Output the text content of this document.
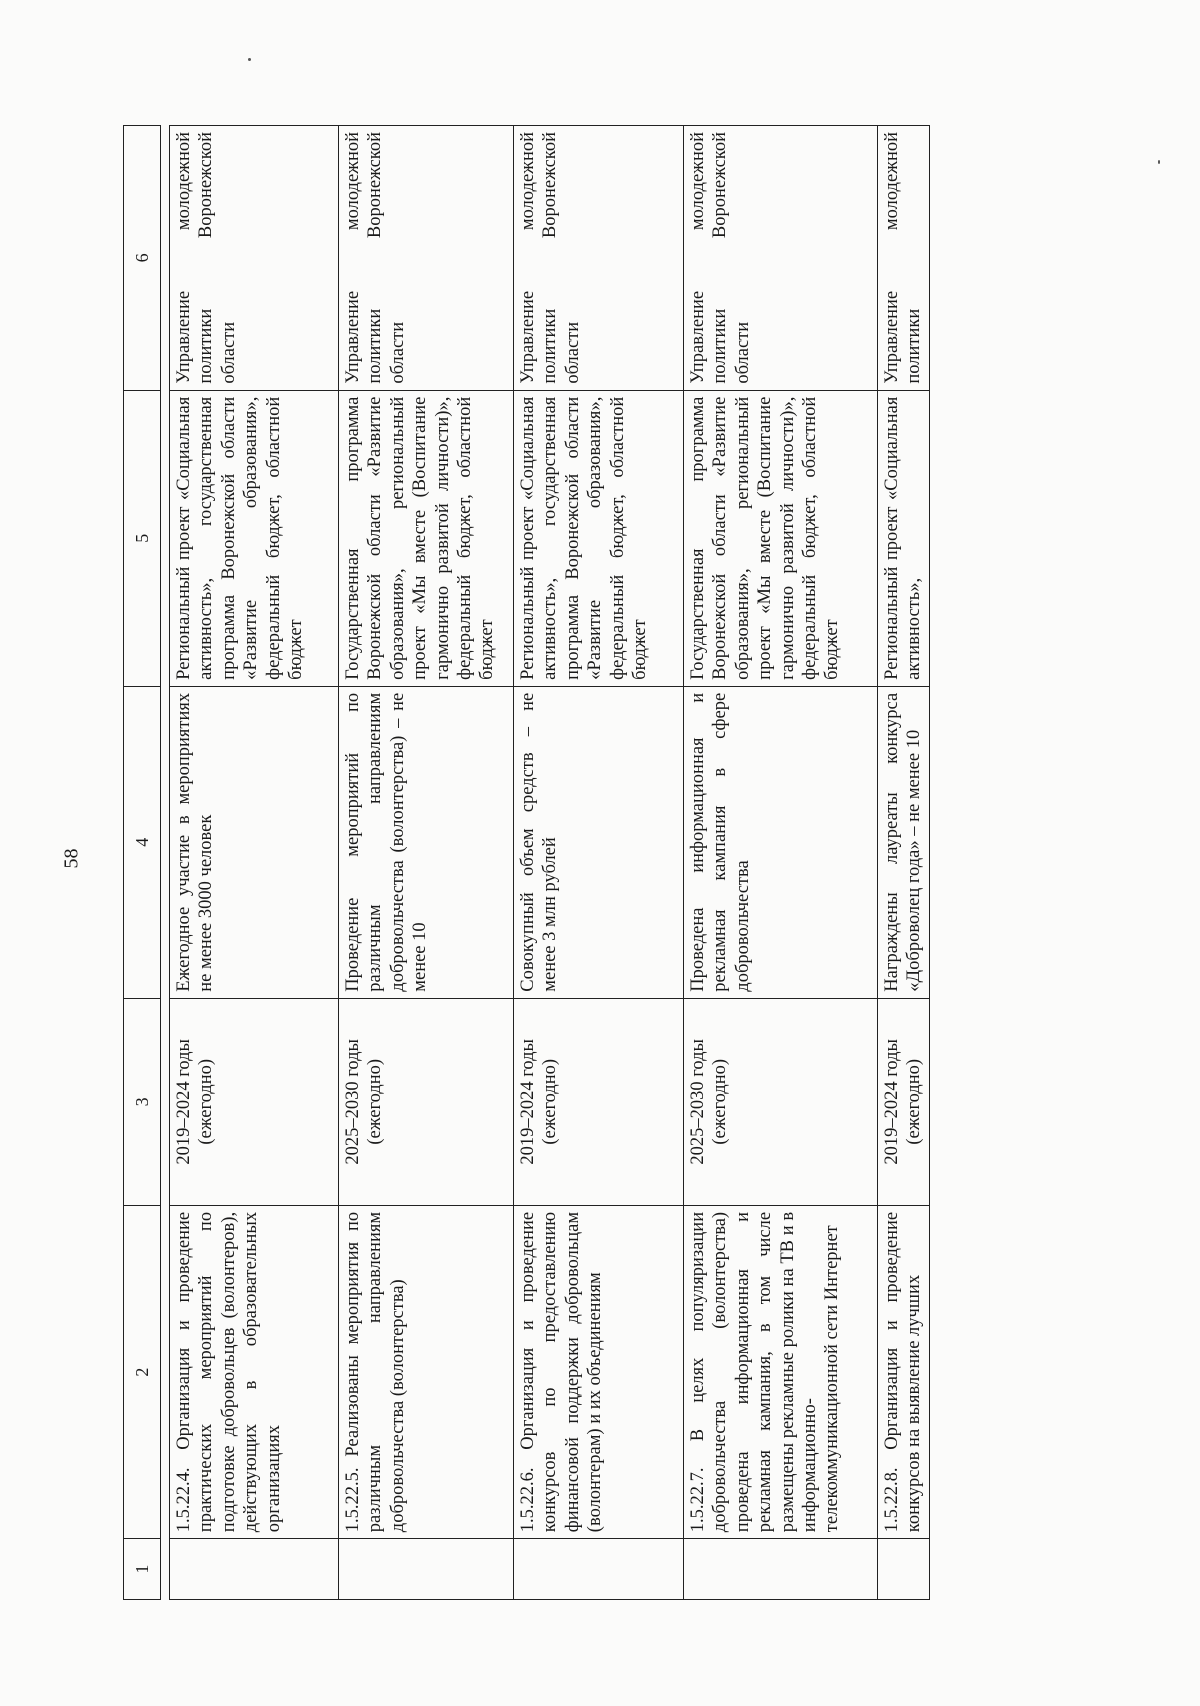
58
1	2	3	4	5	6

	1.5.22.4. Организация и проведение практических мероприятий по подготовке добровольцев (волонтеров), действующих в образовательных организациях	2019–2024 годы (ежегодно)	Ежегодное участие в мероприятиях не менее 3000 человек	Региональный проект «Социальная активность», государственная программа Воронежской области «Развитие образования», федеральный бюджет, областной бюджет	Управление молодежной политики Воронежской области
	1.5.22.5. Реализованы мероприятия по различным направлениям добровольчества (волонтерства)	2025–2030 годы (ежегодно)	Проведение мероприятий по различным направлениям добровольчества (волонтерства) – не менее 10	Государственная программа Воронежской области «Развитие образования», региональный проект «Мы вместе (Воспитание гармонично развитой личности)», федеральный бюджет, областной бюджет	Управление молодежной политики Воронежской области
	1.5.22.6. Организация и проведение конкурсов по предоставлению финансовой поддержки добровольцам (волонтерам) и их объединениям	2019–2024 годы (ежегодно)	Совокупный объем средств – не менее 3 млн рублей	Региональный проект «Социальная активность», государственная программа Воронежской области «Развитие образования», федеральный бюджет, областной бюджет	Управление молодежной политики Воронежской области
	1.5.22.7. В целях популяризации добровольчества (волонтерства) проведена информационная и рекламная кампания, в том числе размещены рекламные ролики на ТВ и в информационно-телекоммуникационной сети Интернет	2025–2030 годы (ежегодно)	Проведена информационная и рекламная кампания в сфере добровольчества	Государственная программа Воронежской области «Развитие образования», региональный проект «Мы вместе (Воспитание гармонично развитой личности)», федеральный бюджет, областной бюджет	Управление молодежной политики Воронежской области
	1.5.22.8. Организация и проведение конкурсов на выявление лучших	2019–2024 годы (ежегодно)	Награждены лауреаты конкурса «Доброволец года» – не менее 10	Региональный проект «Социальная активность»,	Управление молодежной политики
